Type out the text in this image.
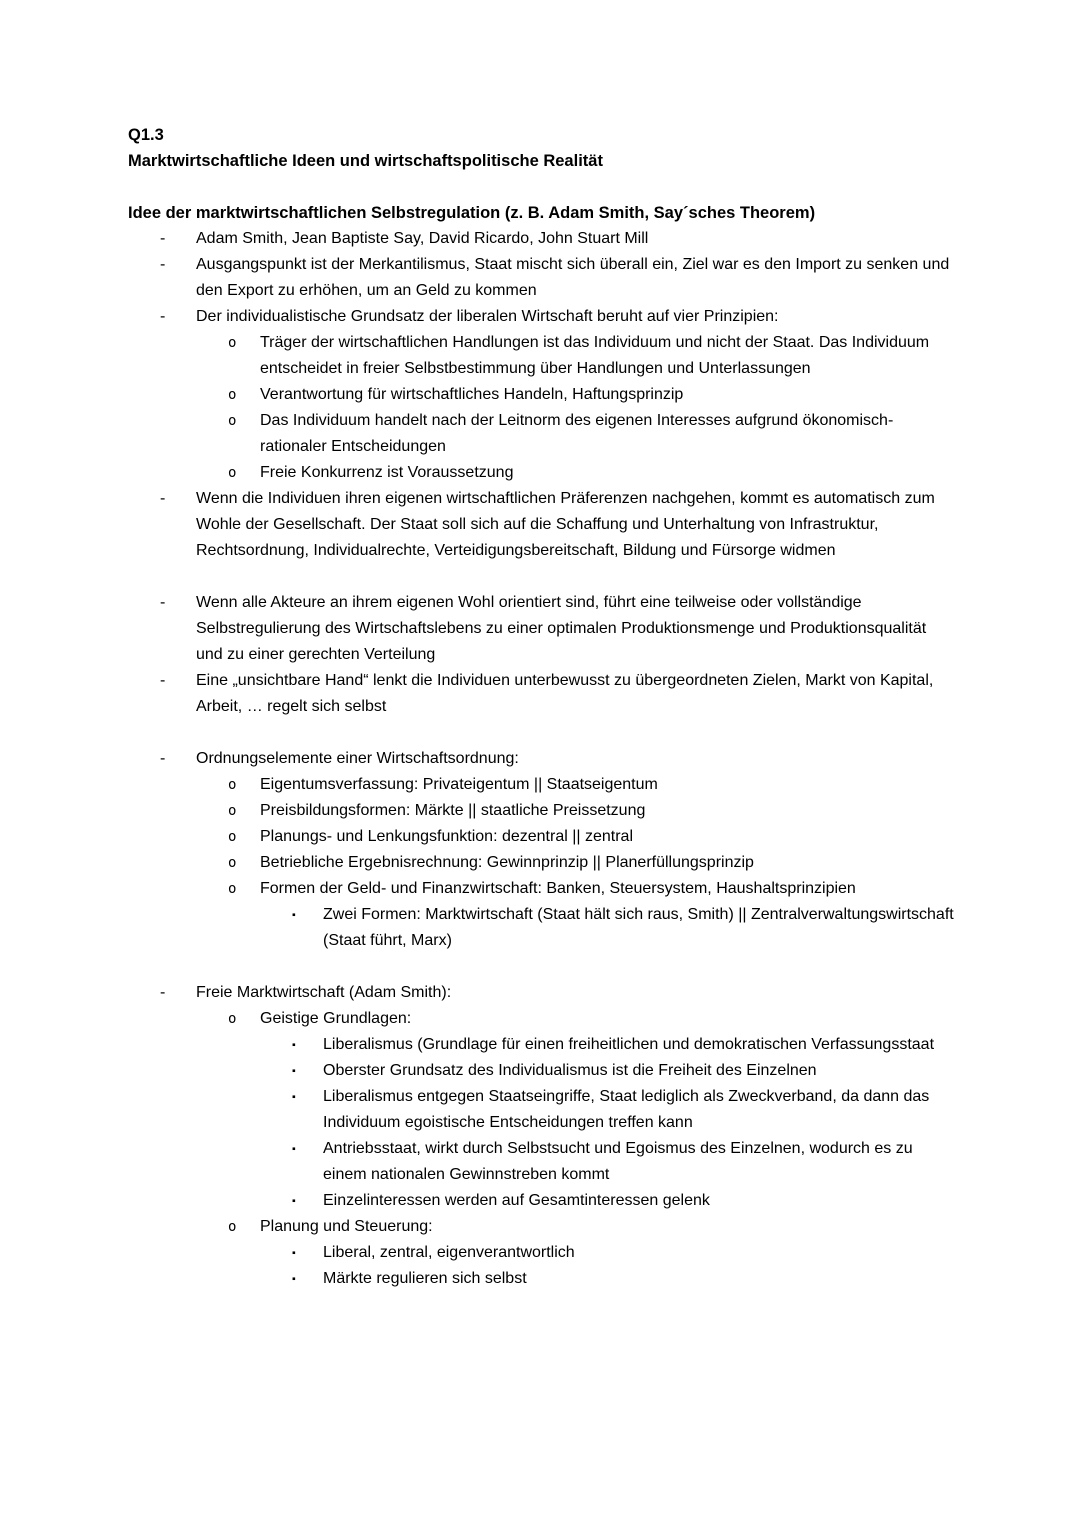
Q1.3

Marktwirtschaftliche Ideen und wirtschaftspolitische Realität

Idee der marktwirtschaftlichen Selbstregulation (z. B. Adam Smith, Say´sches Theorem)

-	Adam Smith, Jean Baptiste Say, David Ricardo, John Stuart Mill
-	Ausgangspunkt ist der Merkantilismus, Staat mischt sich überall ein, Ziel war es den Import zu senken und den Export zu erhöhen, um an Geld zu kommen
-	Der individualistische Grundsatz der liberalen Wirtschaft beruht auf vier Prinzipien:
o	Träger der wirtschaftlichen Handlungen ist das Individuum und nicht der Staat. Das Individuum entscheidet in freier Selbstbestimmung über Handlungen und Unterlassungen
o	Verantwortung für wirtschaftliches Handeln, Haftungsprinzip
o	Das Individuum handelt nach der Leitnorm des eigenen Interesses aufgrund ökonomisch- rationaler Entscheidungen
o	Freie Konkurrenz ist Voraussetzung
-	Wenn die Individuen ihren eigenen wirtschaftlichen Präferenzen nachgehen, kommt es automatisch zum Wohle der Gesellschaft. Der Staat soll sich auf die Schaffung und Unterhaltung von Infrastruktur, Rechtsordnung, Individualrechte, Verteidigungsbereitschaft, Bildung und Fürsorge widmen
-	Wenn alle Akteure an ihrem eigenen Wohl orientiert sind, führt eine teilweise oder vollständige Selbstregulierung des Wirtschaftslebens zu einer optimalen Produktionsmenge und Produktionsqualität und zu einer gerechten Verteilung
-	Eine „unsichtbare Hand“ lenkt die Individuen unterbewusst zu übergeordneten Zielen, Markt von Kapital, Arbeit, … regelt sich selbst
-	Ordnungselemente einer Wirtschaftsordnung:
o	Eigentumsverfassung: Privateigentum || Staatseigentum
o	Preisbildungsformen: Märkte || staatliche Preissetzung
o	Planungs- und Lenkungsfunktion: dezentral || zentral
o	Betriebliche Ergebnisrechnung: Gewinnprinzip || Planerfüllungsprinzip
o	Formen der Geld- und Finanzwirtschaft: Banken, Steuersystem, Haushaltsprinzipien
▪	Zwei Formen: Marktwirtschaft (Staat hält sich raus, Smith) || Zentralverwaltungswirtschaft (Staat führt, Marx)
-	Freie Marktwirtschaft (Adam Smith):
o	Geistige Grundlagen:
▪	Liberalismus (Grundlage für einen freiheitlichen und demokratischen Verfassungsstaat
▪	Oberster Grundsatz des Individualismus ist die Freiheit des Einzelnen
▪	Liberalismus entgegen Staatseingriffe, Staat lediglich als Zweckverband, da dann das Individuum egoistische Entscheidungen treffen kann
▪	Antriebsstaat, wirkt durch Selbstsucht und Egoismus des Einzelnen, wodurch es zu einem nationalen Gewinnstreben kommt
▪	Einzelinteressen werden auf Gesamtinteressen gelenk
o	Planung und Steuerung:
▪	Liberal, zentral, eigenverantwortlich
▪	Märkte regulieren sich selbst
